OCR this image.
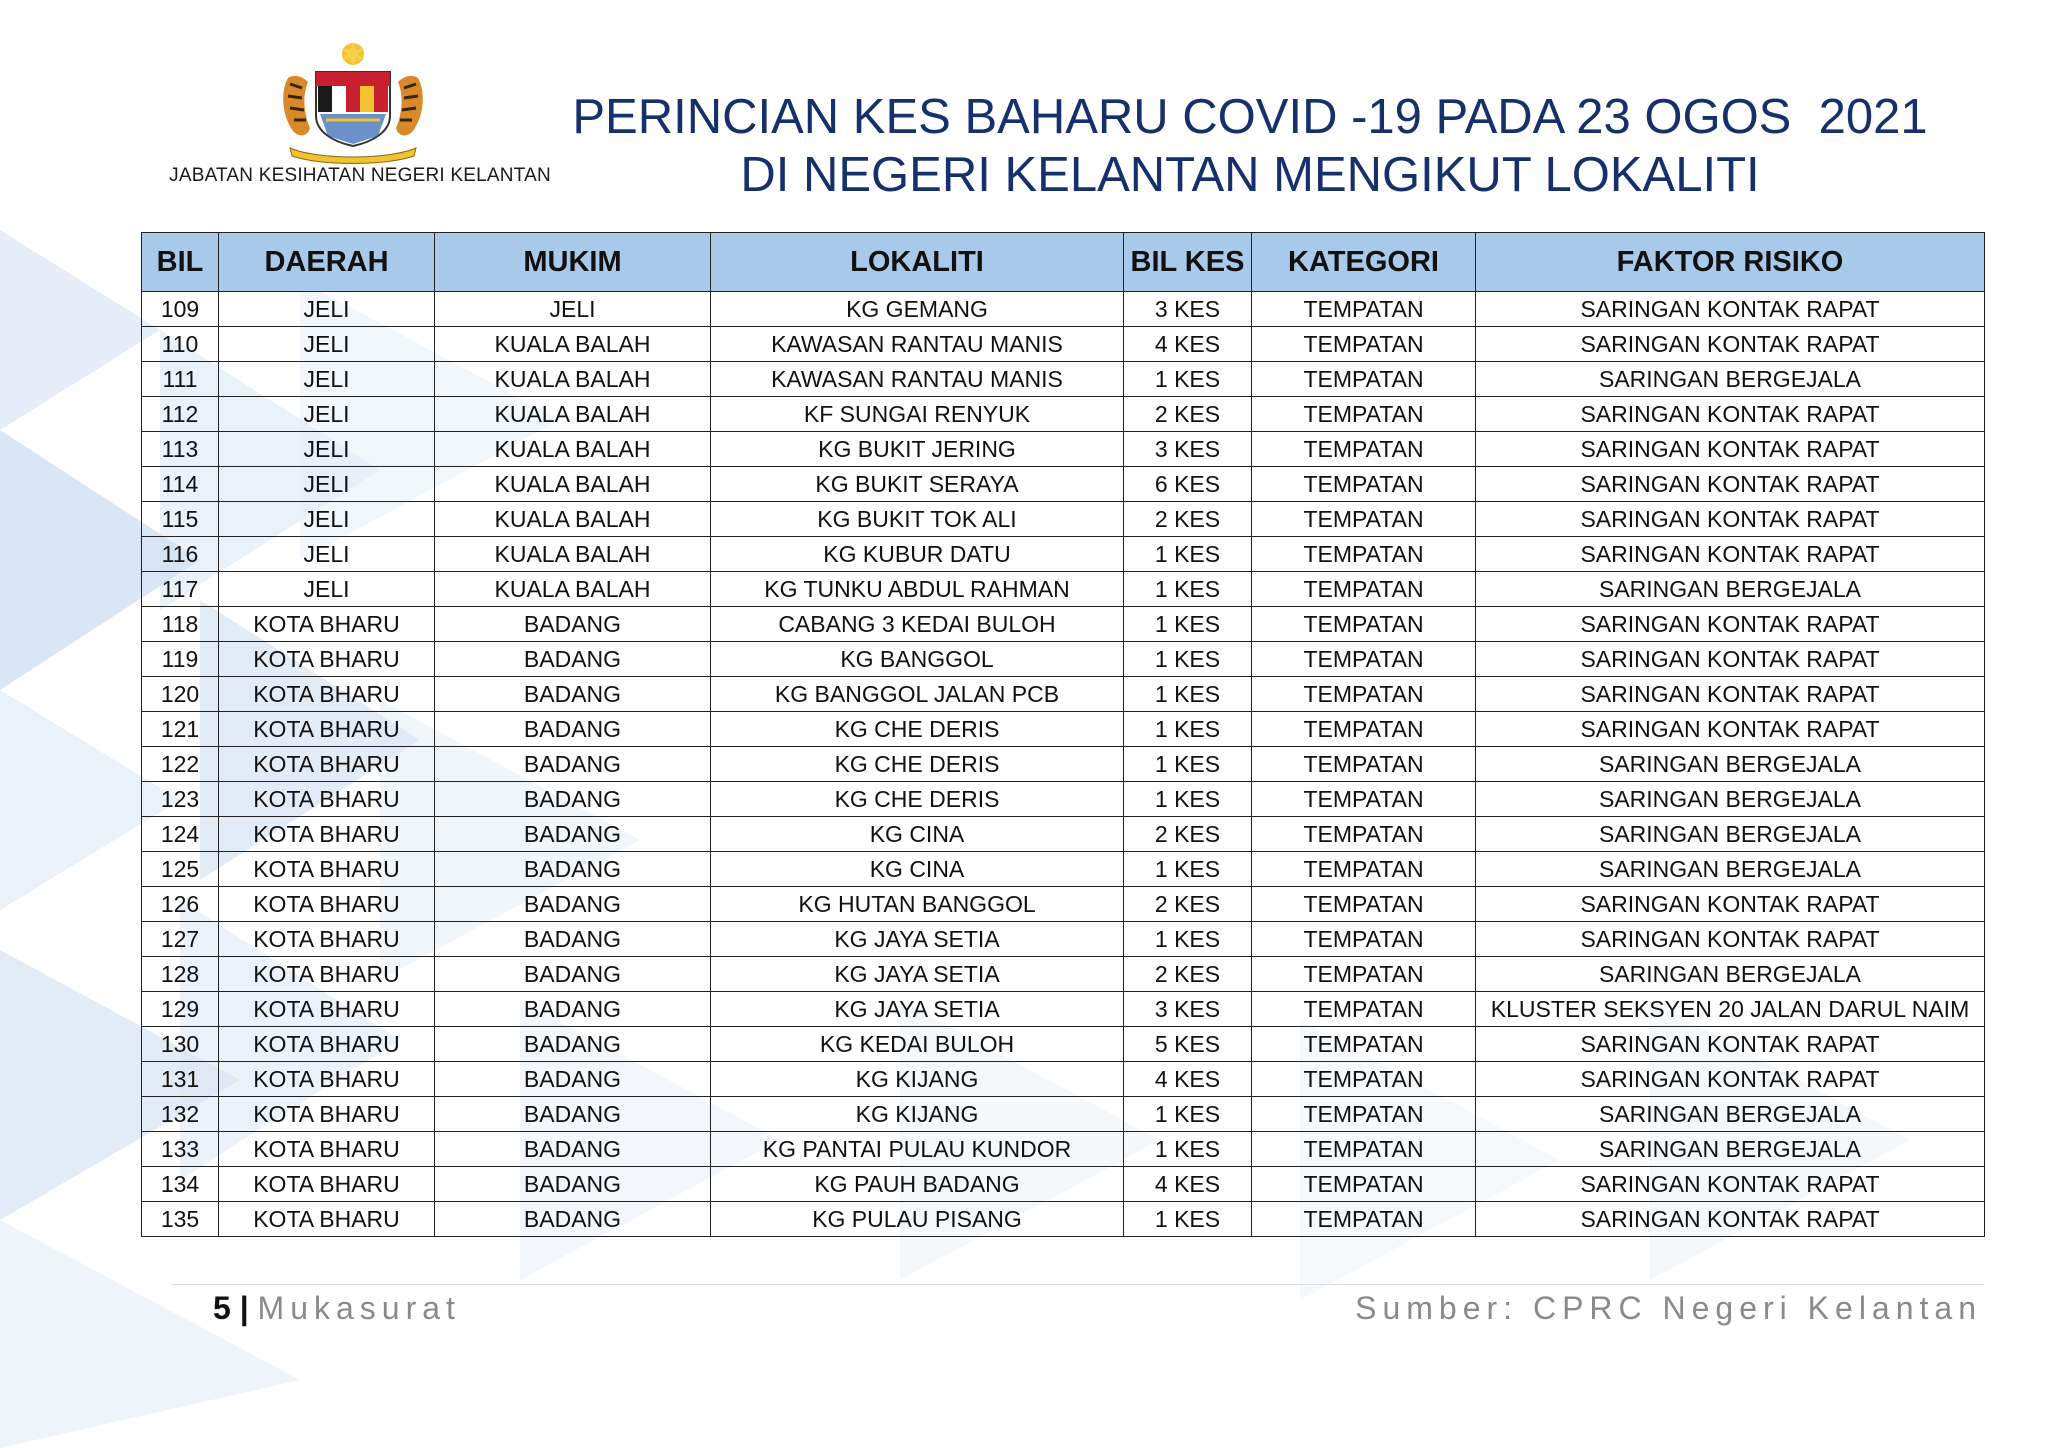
JABATAN KESIHATAN NEGERI KELANTAN
PERINCIAN KES BAHARU COVID -19 PADA 23 OGOS  2021
DI NEGERI KELANTAN MENGIKUT LOKALITI
BIL	DAERAH	MUKIM	LOKALITI	BIL KES	KATEGORI	FAKTOR RISIKO
109	JELI	JELI	KG GEMANG	3 KES	TEMPATAN	SARINGAN KONTAK RAPAT
110	JELI	KUALA BALAH	KAWASAN RANTAU MANIS	4 KES	TEMPATAN	SARINGAN KONTAK RAPAT
111	JELI	KUALA BALAH	KAWASAN RANTAU MANIS	1 KES	TEMPATAN	SARINGAN BERGEJALA
112	JELI	KUALA BALAH	KF SUNGAI RENYUK	2 KES	TEMPATAN	SARINGAN KONTAK RAPAT
113	JELI	KUALA BALAH	KG BUKIT JERING	3 KES	TEMPATAN	SARINGAN KONTAK RAPAT
114	JELI	KUALA BALAH	KG BUKIT SERAYA	6 KES	TEMPATAN	SARINGAN KONTAK RAPAT
115	JELI	KUALA BALAH	KG BUKIT TOK ALI	2 KES	TEMPATAN	SARINGAN KONTAK RAPAT
116	JELI	KUALA BALAH	KG KUBUR DATU	1 KES	TEMPATAN	SARINGAN KONTAK RAPAT
117	JELI	KUALA BALAH	KG TUNKU ABDUL RAHMAN	1 KES	TEMPATAN	SARINGAN BERGEJALA
118	KOTA BHARU	BADANG	CABANG 3 KEDAI BULOH	1 KES	TEMPATAN	SARINGAN KONTAK RAPAT
119	KOTA BHARU	BADANG	KG BANGGOL	1 KES	TEMPATAN	SARINGAN KONTAK RAPAT
120	KOTA BHARU	BADANG	KG BANGGOL JALAN PCB	1 KES	TEMPATAN	SARINGAN KONTAK RAPAT
121	KOTA BHARU	BADANG	KG CHE DERIS	1 KES	TEMPATAN	SARINGAN KONTAK RAPAT
122	KOTA BHARU	BADANG	KG CHE DERIS	1 KES	TEMPATAN	SARINGAN BERGEJALA
123	KOTA BHARU	BADANG	KG CHE DERIS	1 KES	TEMPATAN	SARINGAN BERGEJALA
124	KOTA BHARU	BADANG	KG CINA	2 KES	TEMPATAN	SARINGAN BERGEJALA
125	KOTA BHARU	BADANG	KG CINA	1 KES	TEMPATAN	SARINGAN BERGEJALA
126	KOTA BHARU	BADANG	KG HUTAN BANGGOL	2 KES	TEMPATAN	SARINGAN KONTAK RAPAT
127	KOTA BHARU	BADANG	KG JAYA SETIA	1 KES	TEMPATAN	SARINGAN KONTAK RAPAT
128	KOTA BHARU	BADANG	KG JAYA SETIA	2 KES	TEMPATAN	SARINGAN BERGEJALA
129	KOTA BHARU	BADANG	KG JAYA SETIA	3 KES	TEMPATAN	KLUSTER SEKSYEN 20 JALAN DARUL NAIM
130	KOTA BHARU	BADANG	KG KEDAI BULOH	5 KES	TEMPATAN	SARINGAN KONTAK RAPAT
131	KOTA BHARU	BADANG	KG KIJANG	4 KES	TEMPATAN	SARINGAN KONTAK RAPAT
132	KOTA BHARU	BADANG	KG KIJANG	1 KES	TEMPATAN	SARINGAN BERGEJALA
133	KOTA BHARU	BADANG	KG PANTAI PULAU KUNDOR	1 KES	TEMPATAN	SARINGAN BERGEJALA
134	KOTA BHARU	BADANG	KG PAUH BADANG	4 KES	TEMPATAN	SARINGAN KONTAK RAPAT
135	KOTA BHARU	BADANG	KG PULAU PISANG	1 KES	TEMPATAN	SARINGAN KONTAK RAPAT
5 | Mukasurat	Sumber: CPRC Negeri Kelantan
